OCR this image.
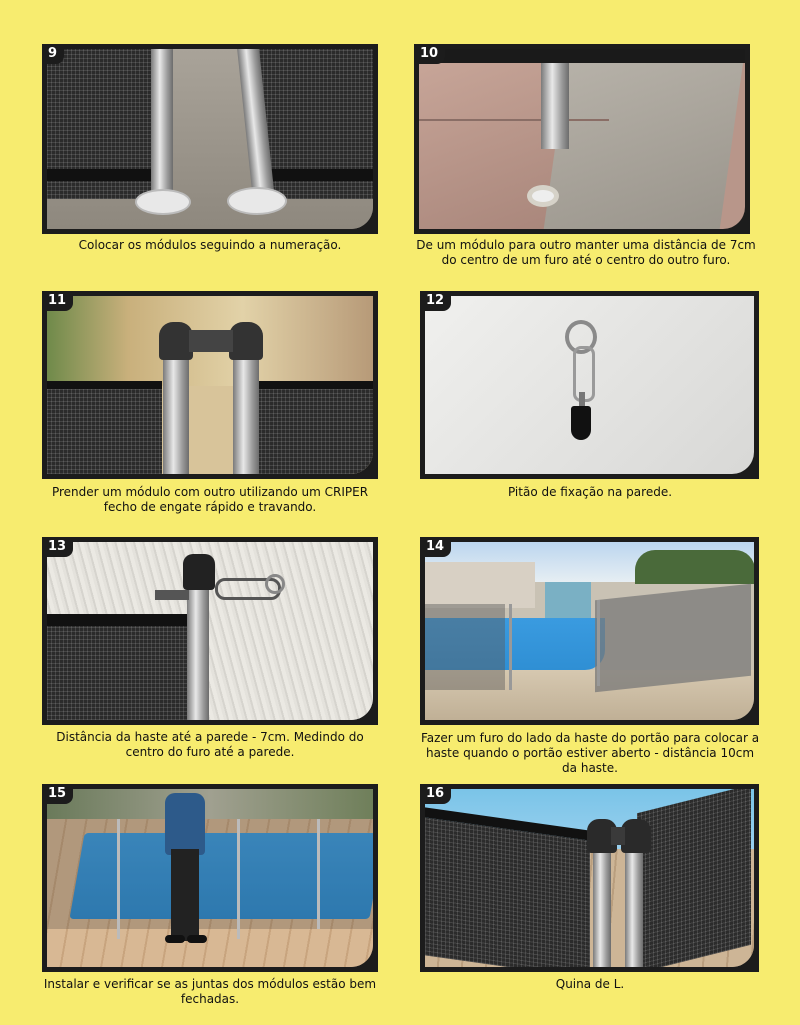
9
Colocar os módulos seguindo a numeração.
10
De um módulo para outro manter uma distância de 7cm do centro de um furo até o centro do outro furo.
11
Prender um módulo com outro utilizando um CRIPER fecho de engate rápido e travando.
12
Pitão de fixação na parede.
13
Distância da haste até a parede - 7cm. Medindo do centro do furo até a parede.
14
Fazer um furo do lado da haste do portão para colocar a haste quando o portão estiver aberto - distância 10cm da haste.
15
Instalar e verificar se as juntas dos módulos estão bem fechadas.
16
Quina de L.
